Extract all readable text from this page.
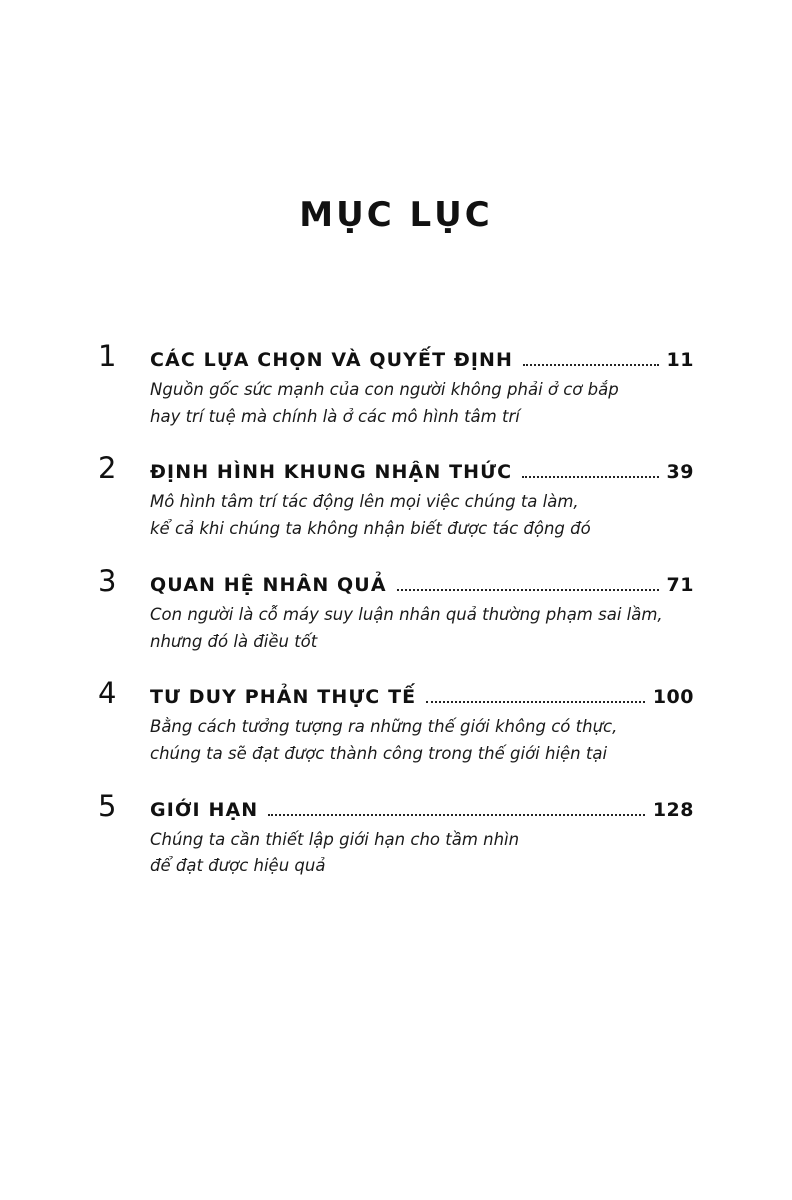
MỤC LỤC
1	CÁC LỰA CHỌN VÀ QUYẾT ĐỊNH	11
Nguồn gốc sức mạnh của con người không phải ở cơ bắp
hay trí tuệ mà chính là ở các mô hình tâm trí
2	ĐỊNH HÌNH KHUNG NHẬN THỨC	39
Mô hình tâm trí tác động lên mọi việc chúng ta làm,
kể cả khi chúng ta không nhận biết được tác động đó
3	QUAN HỆ NHÂN QUẢ	71
Con người là cỗ máy suy luận nhân quả thường phạm sai lầm,
nhưng đó là điều tốt
4	TƯ DUY PHẢN THỰC TẾ	100
Bằng cách tưởng tượng ra những thế giới không có thực,
chúng ta sẽ đạt được thành công trong thế giới hiện tại
5	GIỚI HẠN	128
Chúng ta cần thiết lập giới hạn cho tầm nhìn
để đạt được hiệu quả
